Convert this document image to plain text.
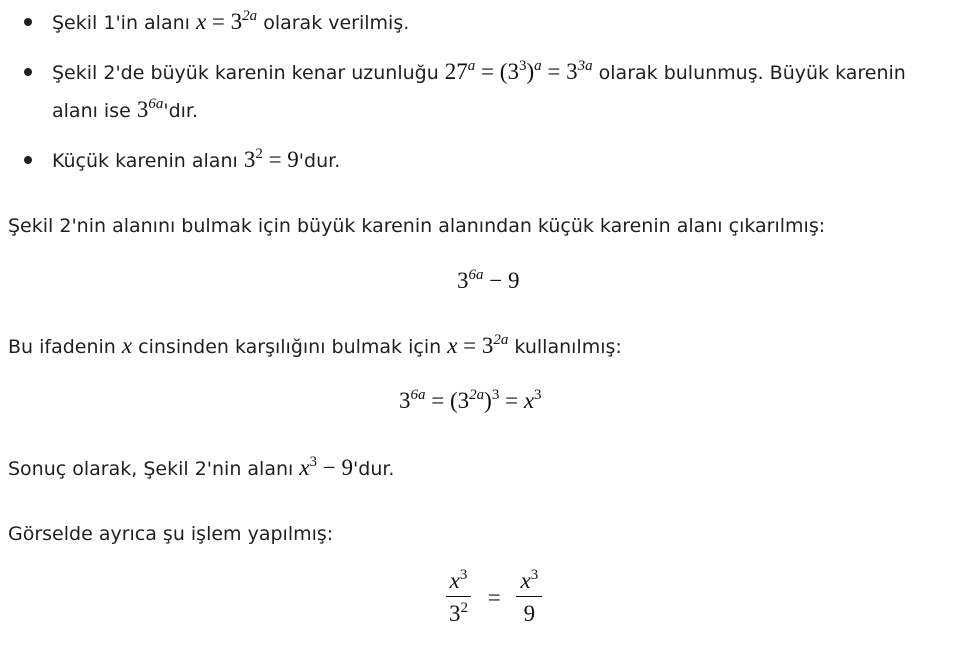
Şekil 1'in alanı $x = 3^{2a}$ olarak verilmiş.
Şekil 2'de büyük karenin kenar uzunluğu $27^a = (3^3)^a = 3^{3a}$ olarak bulunmuş. Büyük karenin
alanı ise $3^{6a}'dır$.
Küçük karenin alanı $3^2 = 9'dur$.
Şekil 2'nin alanını bulmak için büyük karenin alanından küçük karenin alanı çıkarılmış:
$3^{6a} - 9$
Bu ifadenin x cinsinden karşılığını bulmak için $x = 3^{2a}$ kullanılmış:
$3^{6a} = (3^{2a})^3 = x^3$
Sonuç olarak, Şekil 2'nin alanı $x^3 - 9'dur$.
Görselde ayrıca şu işlem yapılmış:
$\frac{x^3}{3^2} = \frac{x^3}{9}$
